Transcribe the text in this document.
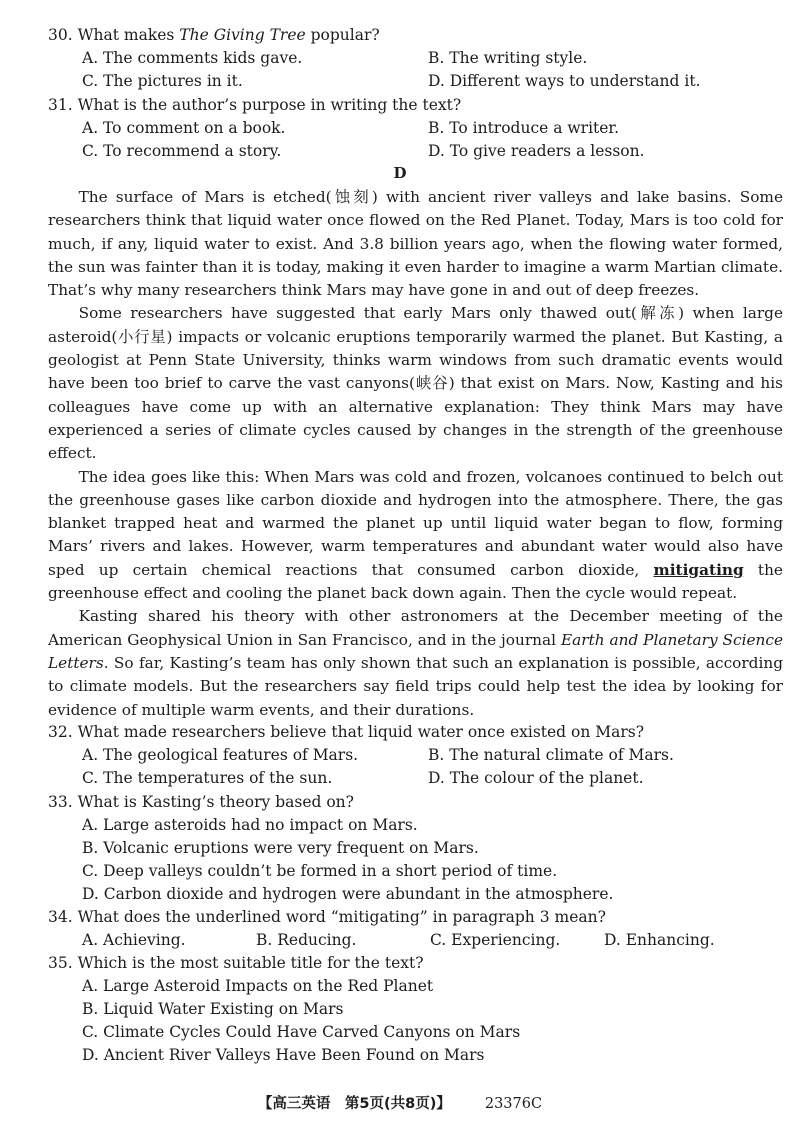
30. What makes The Giving Tree popular?
A. The comments kids gave.	B. The writing style.
C. The pictures in it.	D. Different ways to understand it.
31. What is the author’s purpose in writing the text?
A. To comment on a book.	B. To introduce a writer.
C. To recommend a story.	D. To give readers a lesson.
D

The surface of Mars is etched(蚀刻) with ancient river valleys and lake basins. Some researchers think that liquid water once flowed on the Red Planet. Today, Mars is too cold for much, if any, liquid water to exist. And 3.8 billion years ago, when the flowing water formed, the sun was fainter than it is today, making it even harder to imagine a warm Martian climate. That’s why many researchers think Mars may have gone in and out of deep freezes.

Some researchers have suggested that early Mars only thawed out(解冻) when large asteroid(小行星) impacts or volcanic eruptions temporarily warmed the planet. But Kasting, a geologist at Penn State University, thinks warm windows from such dramatic events would have been too brief to carve the vast canyons(峡谷) that exist on Mars. Now, Kasting and his colleagues have come up with an alternative explanation: They think Mars may have experienced a series of climate cycles caused by changes in the strength of the greenhouse effect.

The idea goes like this: When Mars was cold and frozen, volcanoes continued to belch out the greenhouse gases like carbon dioxide and hydrogen into the atmosphere. There, the gas blanket trapped heat and warmed the planet up until liquid water began to flow, forming Mars’ rivers and lakes. However, warm temperatures and abundant water would also have sped up certain chemical reactions that consumed carbon dioxide, mitigating the greenhouse effect and cooling the planet back down again. Then the cycle would repeat.

Kasting shared his theory with other astronomers at the December meeting of the American Geophysical Union in San Francisco, and in the journal Earth and Planetary Science Letters. So far, Kasting’s team has only shown that such an explanation is possible, according to climate models. But the researchers say field trips could help test the idea by looking for evidence of multiple warm events, and their durations.

32. What made researchers believe that liquid water once existed on Mars?
A. The geological features of Mars.	B. The natural climate of Mars.
C. The temperatures of the sun.	D. The colour of the planet.
33. What is Kasting’s theory based on?
A. Large asteroids had no impact on Mars.
B. Volcanic eruptions were very frequent on Mars.
C. Deep valleys couldn’t be formed in a short period of time.
D. Carbon dioxide and hydrogen were abundant in the atmosphere.
34. What does the underlined word “mitigating” in paragraph 3 mean?
A. Achieving.	B. Reducing.	C. Experiencing.	D. Enhancing.
35. Which is the most suitable title for the text?
A. Large Asteroid Impacts on the Red Planet
B. Liquid Water Existing on Mars
C. Climate Cycles Could Have Carved Canyons on Mars
D. Ancient River Valleys Have Been Found on Mars
【高三英语　第5页(共8页)】 23376C
